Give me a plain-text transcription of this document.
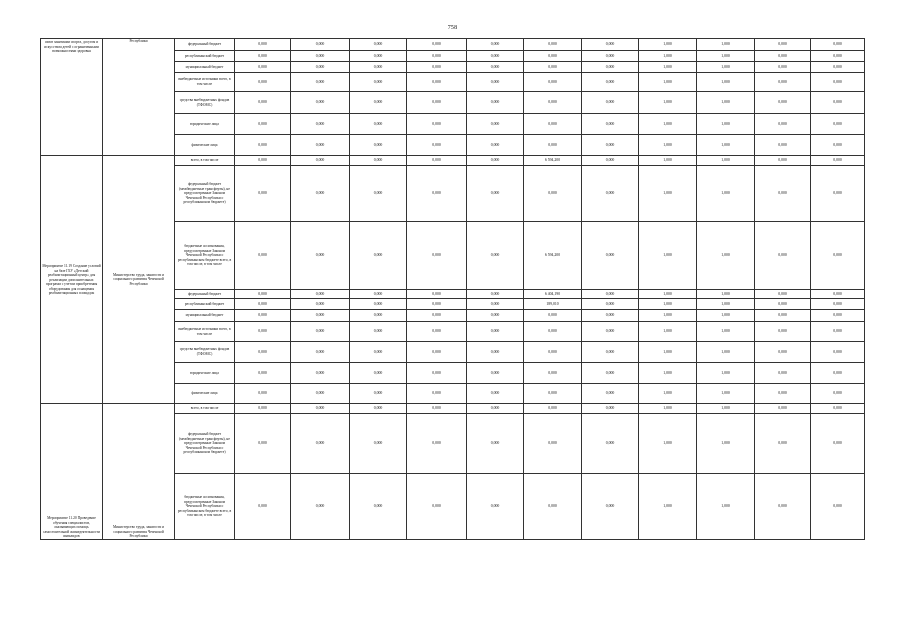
758
охват занятиями спорта, досугом и искусством детей с ограниченными возможностями здоровья	Республики	федеральный бюджет	0,000	0,000	0,000	0,000	0,000	0,000	0,000	1,000	1,000	0,000	0,000
		республиканский бюджет	0,000	0,000	0,000	0,000	0,000	0,000	0,000	1,000	1,000	0,000	0,000
		муниципальный бюджет	0,000	0,000	0,000	0,000	0,000	0,000	0,000	1,000	1,000	0,000	0,000
		внебюджетные источники всего, в том числе	0,000	0,000	0,000	0,000	0,000	0,000	0,000	1,000	1,000	0,000	0,000
		средства внебюджетных фондов (ТФОМС)	0,000	0,000	0,000	0,000	0,000	0,000	0,000	1,000	1,000	0,000	0,000
		юридические лица	0,000	0,000	0,000	0,000	0,000	0,000	0,000	1,000	1,000	0,000	0,000
		физические лица	0,000	0,000	0,000	0,000	0,000	0,000	0,000	1,000	1,000	0,000	0,000
Мероприятие 11.19 Создание условий на базе ГБУ «Детский реабилитационный центр» для реализации дополнительных программ с учетом приобретения оборудования для оснащения реабилитационных площадок	Министерство труда, занятости и социального развития Чеченской Республики	всего, в том числе	0,000	0,000	0,000	0,000	0,000	6 594,200	0,000	1,000	1,000	0,000	0,000
		федеральный бюджет (межбюджетные трансферты), не предусмотренные Законом Чеченской Республики о республиканском бюджете)	0,000	0,000	0,000	0,000	0,000	0,000	0,000	1,000	1,000	0,000	0,000
		бюджетные ассигнования, предусмотренные Законом Чеченской Республики о республиканском бюджете всего, в том числе, в том числе	0,000	0,000	0,000	0,000	0,000	6 594,200	0,000	1,000	1,000	0,000	0,000
		федеральный бюджет	0,000	0,000	0,000	0,000	0,000	6 404,190	0,000	1,000	1,000	0,000	0,000
		республиканский бюджет	0,000	0,000	0,000	0,000	0,000	189,010	0,000	1,000	1,000	0,000	0,000
		муниципальный бюджет	0,000	0,000	0,000	0,000	0,000	0,000	0,000	1,000	1,000	0,000	0,000
		внебюджетные источники всего, в том числе	0,000	0,000	0,000	0,000	0,000	0,000	0,000	1,000	1,000	0,000	0,000
		средства внебюджетных фондов (ТФОМС)	0,000	0,000	0,000	0,000	0,000	0,000	0,000	1,000	1,000	0,000	0,000
		юридические лица	0,000	0,000	0,000	0,000	0,000	0,000	0,000	1,000	1,000	0,000	0,000
		физические лица	0,000	0,000	0,000	0,000	0,000	0,000	0,000	1,000	1,000	0,000	0,000
Мероприятие 11.20 Проведение обучения специалистов, оказывающих помощь самостоятельной жизнедеятельности инвалидов	Министерство труда, занятости и социального развития Чеченской Республики	всего, в том числе	0,000	0,000	0,000	0,000	0,000	0,000	0,000	1,000	1,000	0,000	0,000
		федеральный бюджет (межбюджетные трансферты), не предусмотренные Законом Чеченской Республики о республиканском бюджете)	0,000	0,000	0,000	0,000	0,000	0,000	0,000	1,000	1,000	0,000	0,000
		бюджетные ассигнования, предусмотренные Законом Чеченской Республики о республиканском бюджете всего, в том числе, в том числе	0,000	0,000	0,000	0,000	0,000	0,000	0,000	1,000	1,000	0,000	0,000
